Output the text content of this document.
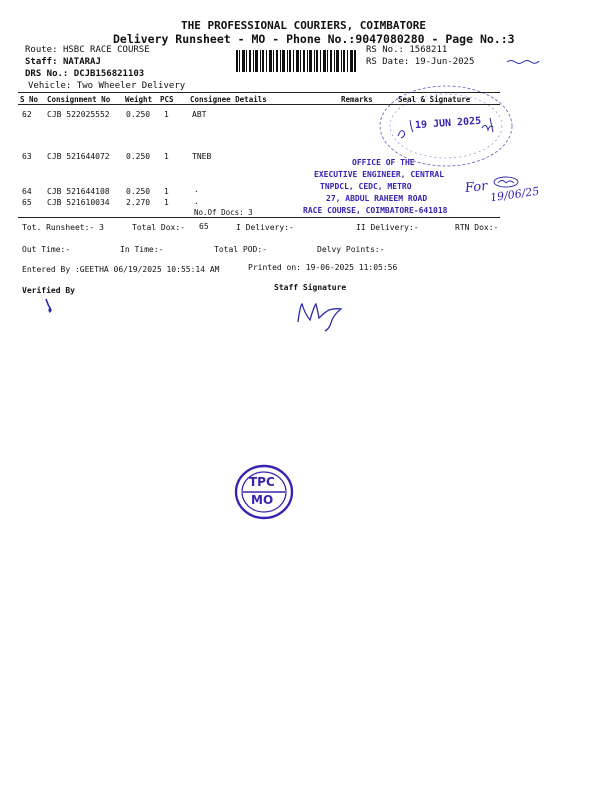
THE PROFESSIONAL COURIERS, COIMBATORE
Delivery Runsheet - MO - Phone No.:9047080280 - Page No.:3
Route: HSBC RACE COURSE
Staff: NATARAJ
DRS No.: DCJB156821103
Vehicle: Two Wheeler Delivery
RS No.: 1568211
RS Date: 19-Jun-2025
S No Consignment No Weight PCS Consignee Details	Remarks	Seal & Signature
62 CJB 522025552 0.250 1	ABT
63 CJB 521644072 0.250 1	TNEB
64 CJB 521644108 0.250 1	.
65 CJB 521610034 2.270 1	.
No.Of Docs: 3
Tot. Runsheet:- 3	Total Dox:- 65	I Delivery:-	II Delivery:-	RTN Dox:-
Out Time:-	In Time:-	Total POD:-	Delvy Points:-
Entered By :GEETHA 06/19/2025 10:55:14 AM	Printed on: 19-06-2025 11:05:56
Verified By	Staff Signature
19 JUN 2025
OFFICE OF THE
EXECUTIVE ENGINEER, CENTRAL
TNPDCL, CEDC, METRO
27, ABDUL RAHEEM ROAD
RACE COURSE, COIMBATORE-641018
For 19/06/25
TPC
MO
